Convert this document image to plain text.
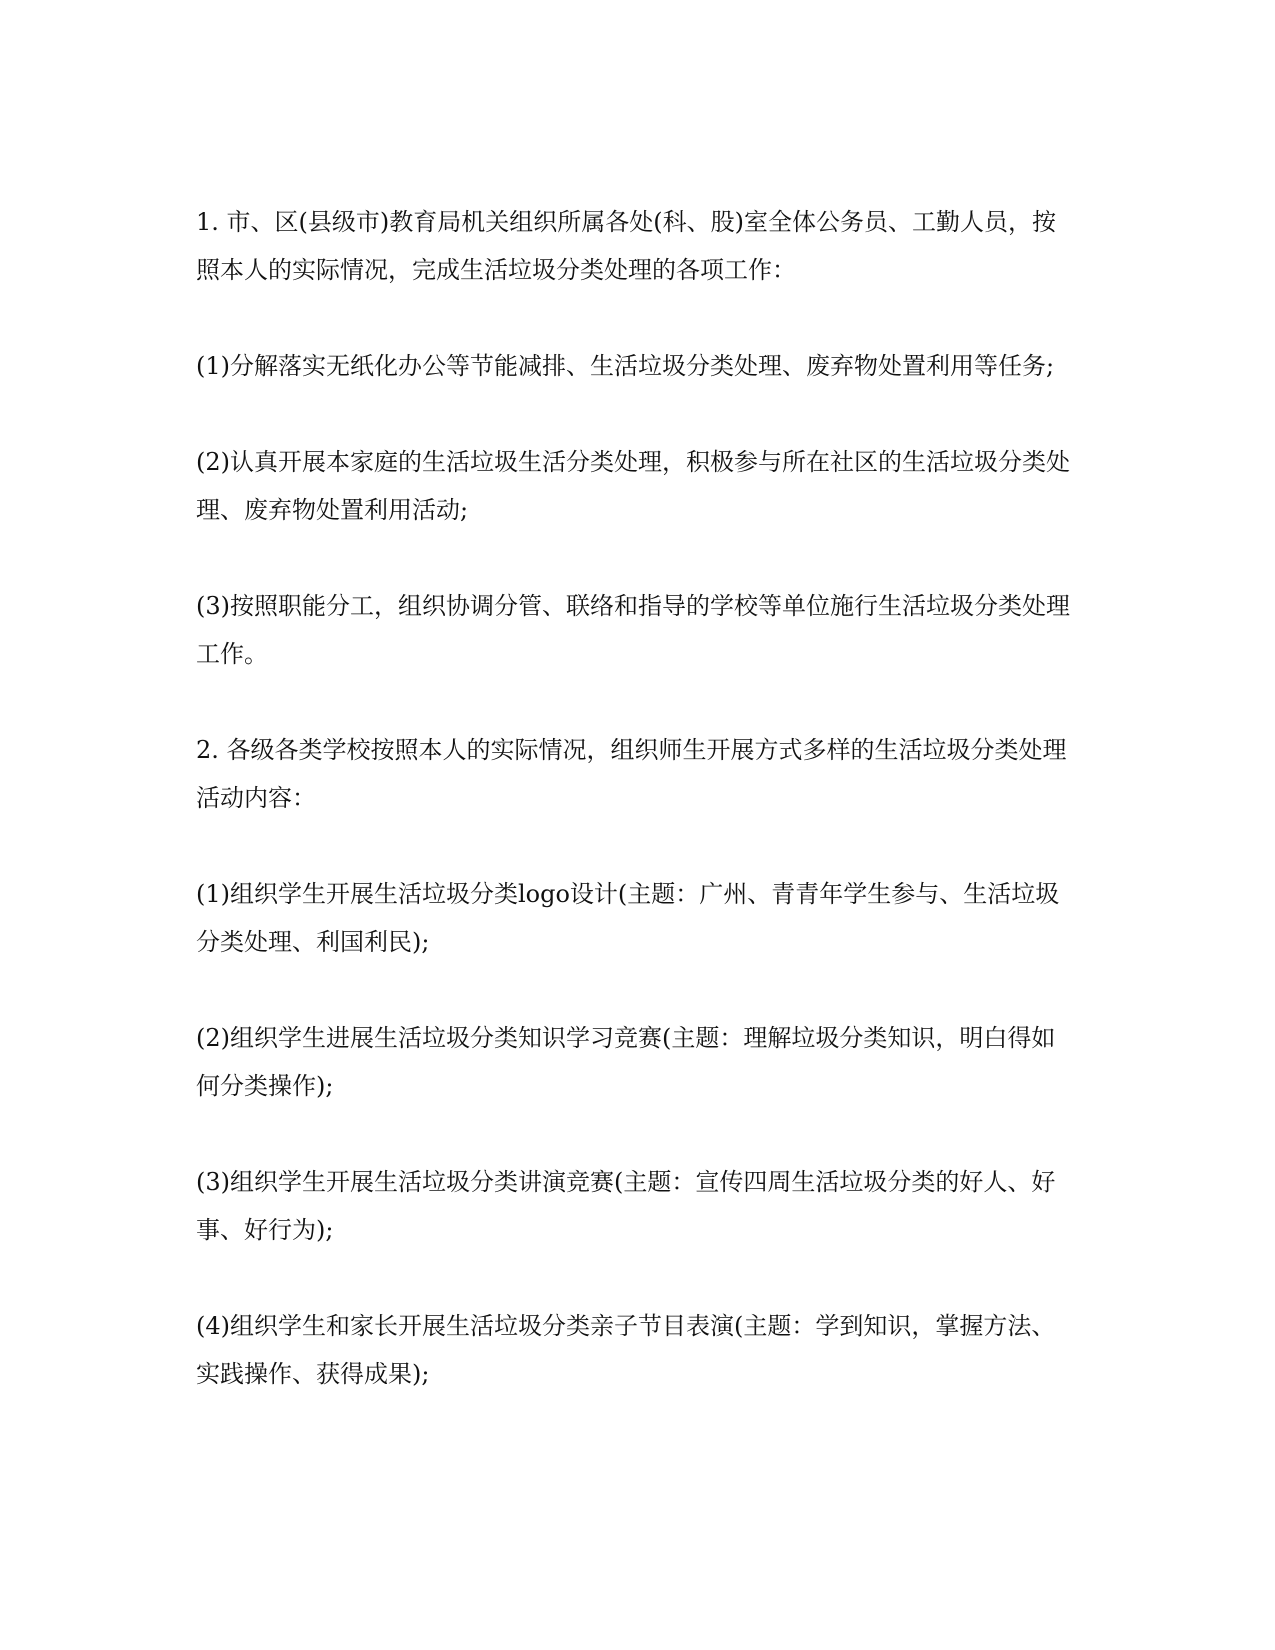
1. 市、区(县级市)教育局机关组织所属各处(科、股)室全体公务员、工勤人员，按照本人的实际情况，完成生活垃圾分类处理的各项工作：

(1)分解落实无纸化办公等节能减排、生活垃圾分类处理、废弃物处置利用等任务;

(2)认真开展本家庭的生活垃圾生活分类处理，积极参与所在社区的生活垃圾分类处理、废弃物处置利用活动;

(3)按照职能分工，组织协调分管、联络和指导的学校等单位施行生活垃圾分类处理工作。

2. 各级各类学校按照本人的实际情况，组织师生开展方式多样的生活垃圾分类处理活动内容：

(1)组织学生开展生活垃圾分类logo设计(主题：广州、青青年学生参与、生活垃圾分类处理、利国利民);

(2)组织学生进展生活垃圾分类知识学习竞赛(主题：理解垃圾分类知识，明白得如何分类操作);

(3)组织学生开展生活垃圾分类讲演竞赛(主题：宣传四周生活垃圾分类的好人、好事、好行为);

(4)组织学生和家长开展生活垃圾分类亲子节目表演(主题：学到知识，掌握方法、实践操作、获得成果);
